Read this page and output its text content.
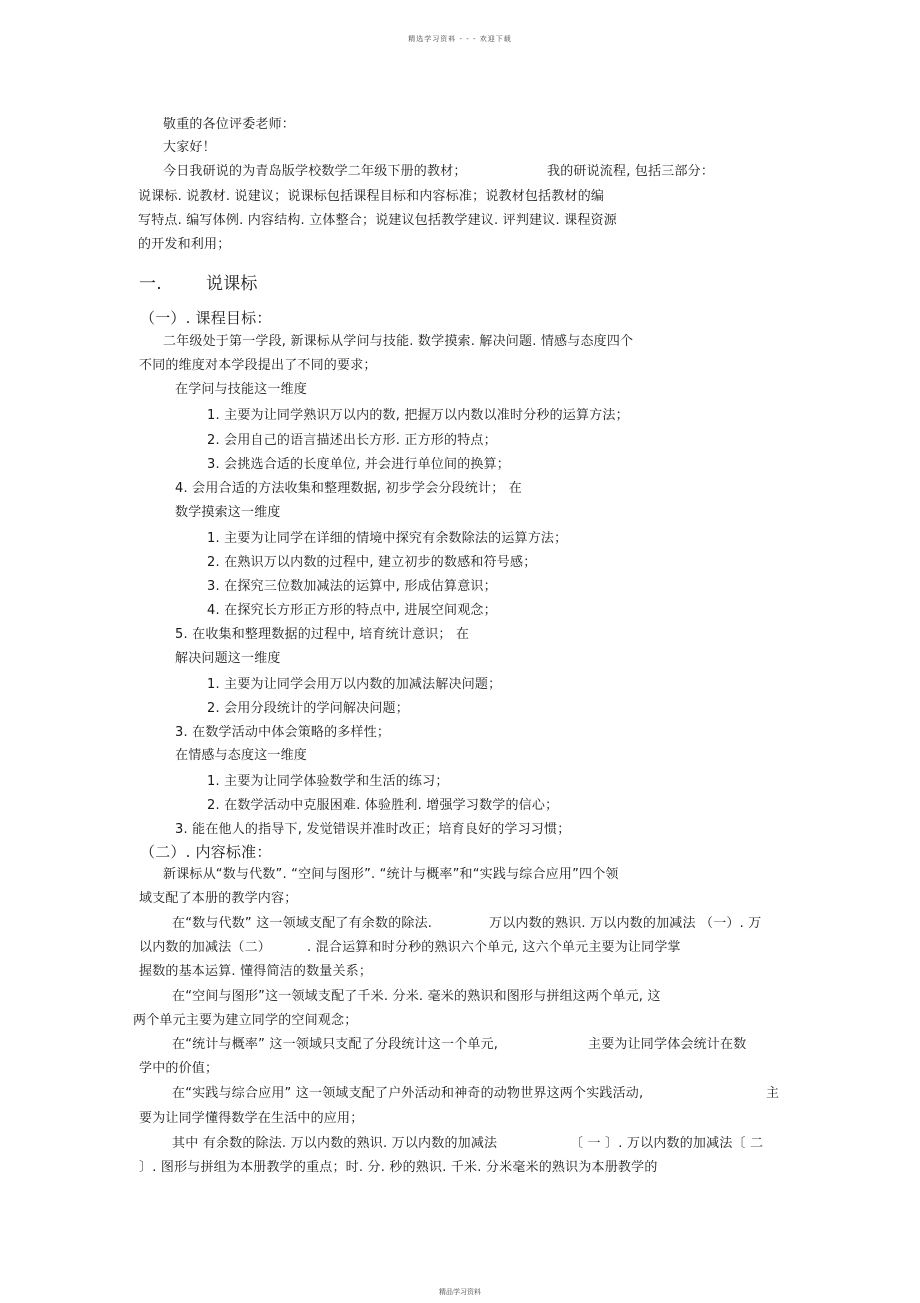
精选学习资料 - - - 欢迎下载
敬重的各位评委老师：
大家好！
今日我研说的为青岛版学校数学二年级下册的教材；	我的研说流程, 包括三部分：
说课标. 说教材. 说建议；说课标包括课程目标和内容标准；说教材包括教材的编
写特点. 编写体例. 内容结构. 立体整合；说建议包括教学建议. 评判建议. 课程资源
的开发和利用；
一.	说课标
（一）. 课程目标：
二年级处于第一学段, 新课标从学问与技能. 数学摸索. 解决问题. 情感与态度四个
不同的维度对本学段提出了不同的要求；
在学问与技能这一维度
1. 主要为让同学熟识万以内的数, 把握万以内数以准时分秒的运算方法；
2. 会用自己的语言描述出长方形. 正方形的特点；
3. 会挑选合适的长度单位, 并会进行单位间的换算；
4. 会用合适的方法收集和整理数据, 初步学会分段统计； 在
数学摸索这一维度
1. 主要为让同学在详细的情境中探究有余数除法的运算方法；
2. 在熟识万以内数的过程中, 建立初步的数感和符号感；
3. 在探究三位数加减法的运算中, 形成估算意识；
4. 在探究长方形正方形的特点中, 进展空间观念；
5. 在收集和整理数据的过程中, 培育统计意识； 在
解决问题这一维度
1. 主要为让同学会用万以内数的加减法解决问题；
2. 会用分段统计的学问解决问题；
3. 在数学活动中体会策略的多样性；
在情感与态度这一维度
1. 主要为让同学体验数学和生活的练习；
2. 在数学活动中克服困难. 体验胜利. 增强学习数学的信心；
3. 能在他人的指导下, 发觉错误并准时改正；培育良好的学习习惯；
（二）. 内容标准：
新课标从“数与代数”. “空间与图形”. “统计与概率”和“实践与综合应用”四个领
域支配了本册的教学内容；
在“数与代数” 这一领域支配了有余数的除法.	万以内数的熟识. 万以内数的加减法 （一）. 万
以内数的加减法（二）	. 混合运算和时分秒的熟识六个单元, 这六个单元主要为让同学掌
握数的基本运算. 懂得简洁的数量关系；
在“空间与图形”这一领域支配了千米. 分米. 毫米的熟识和图形与拼组这两个单元, 这
两个单元主要为建立同学的空间观念；
在“统计与概率” 这一领域只支配了分段统计这一个单元,	主要为让同学体会统计在数
学中的价值；
在“实践与综合应用” 这一领域支配了户外活动和神奇的动物世界这两个实践活动,	主
要为让同学懂得数学在生活中的应用；
其中 有余数的除法. 万以内数的熟识. 万以内数的加减法	〔 一 〕. 万以内数的加减法〔 二
〕. 图形与拼组为本册教学的重点；时. 分. 秒的熟识. 千米. 分米毫米的熟识为本册教学的
精品学习资料
